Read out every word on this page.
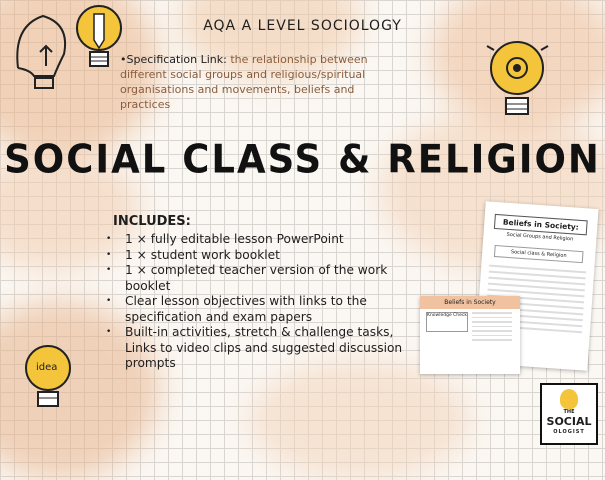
idea
AQA A LEVEL SOCIOLOGY
•Specification Link: the relationship between different social groups and religious/spiritual organisations and movements, beliefs and practices
SOCIAL CLASS & RELIGION
INCLUDES:
• 1 × fully editable lesson PowerPoint
• 1 × student work booklet
• 1 × completed teacher version of the work booklet
• Clear lesson objectives with links to the specification and exam papers
• Built-in activities, stretch & challenge tasks, Links to video clips and suggested discussion prompts
Beliefs in Society:
Social Groups and Religion
Social class & Religion
Beliefs in Society
Knowledge Check
THE
SOCIAL
OLOGIST
